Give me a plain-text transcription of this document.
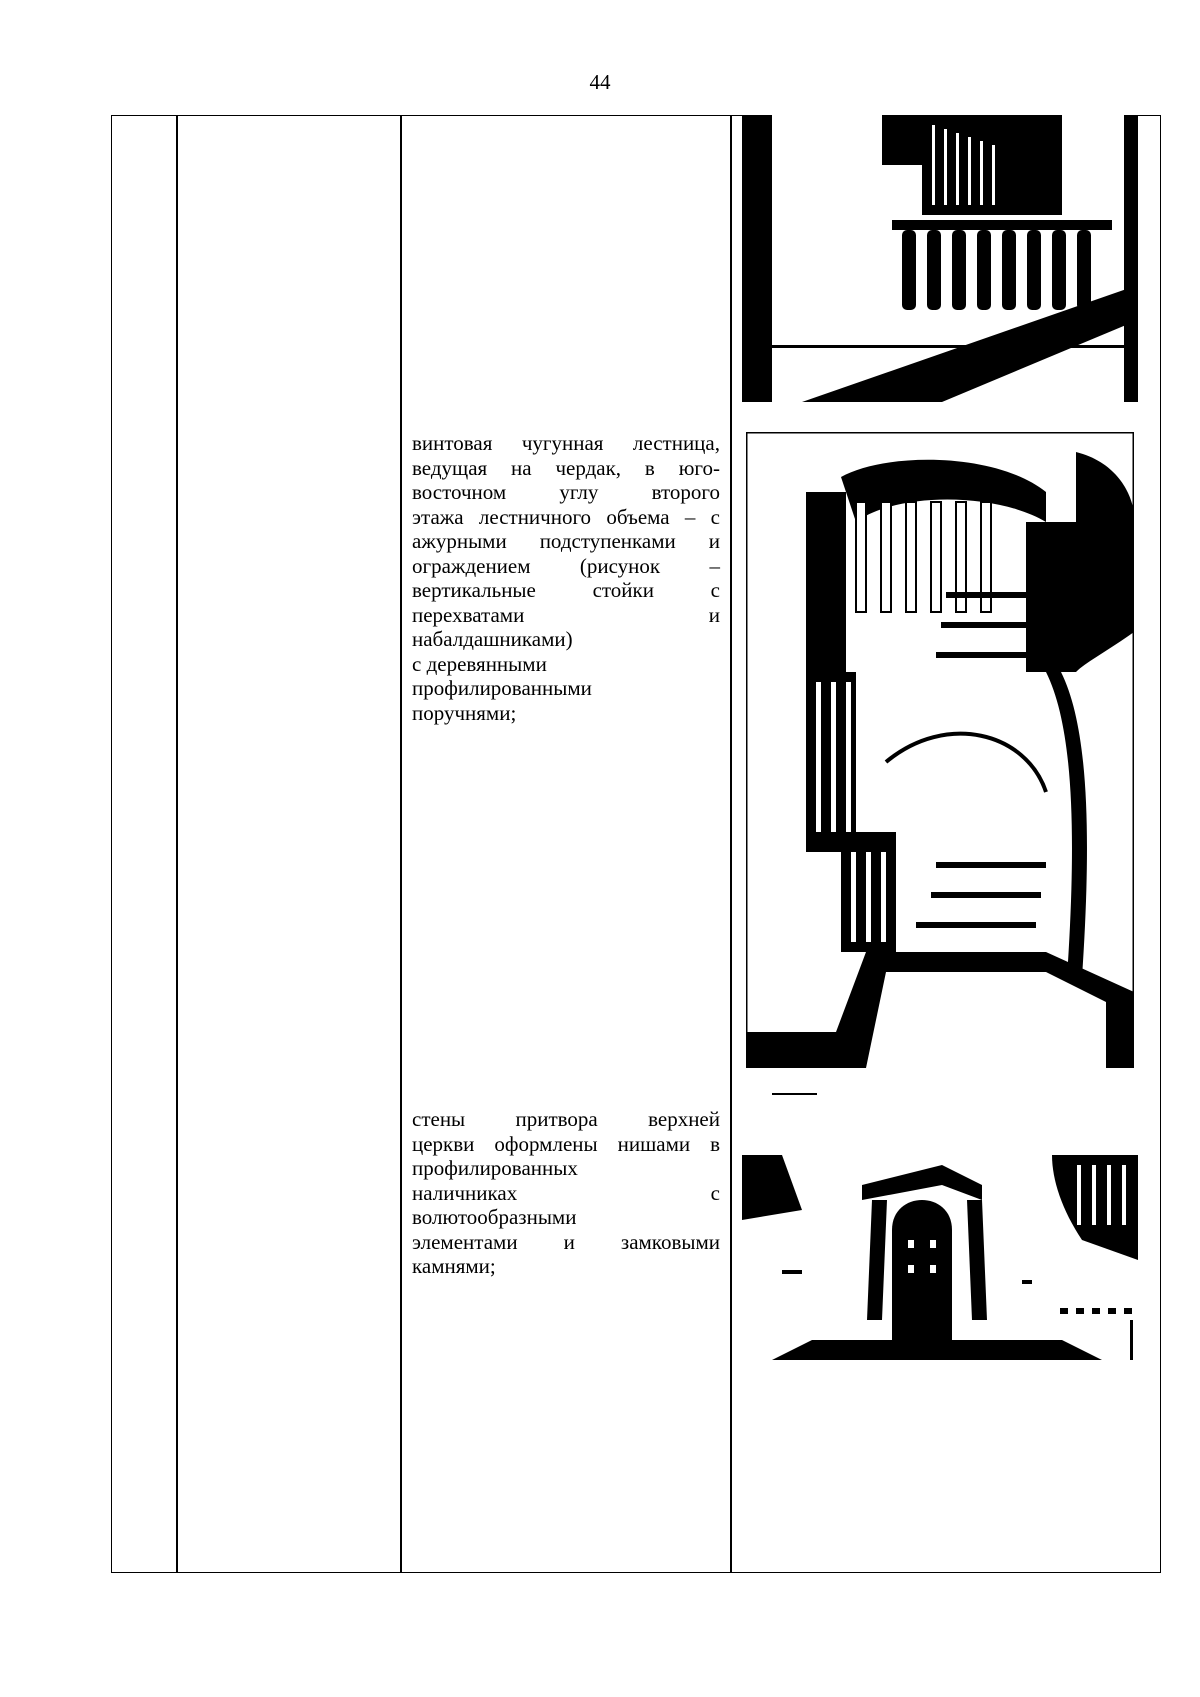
44
винтовая чугунная лестница,
ведущая на чердак, в юго-
восточном углу второго
этажа лестничного объема – с
ажурными подступенками и
ограждением (рисунок –
вертикальные стойки с
перехватами и
набалдашниками)
с деревянными
профилированными
поручнями;
стены притвора верхней
церкви оформлены нишами в
профилированных
наличниках с
волютообразными
элементами и замковыми
камнями;
